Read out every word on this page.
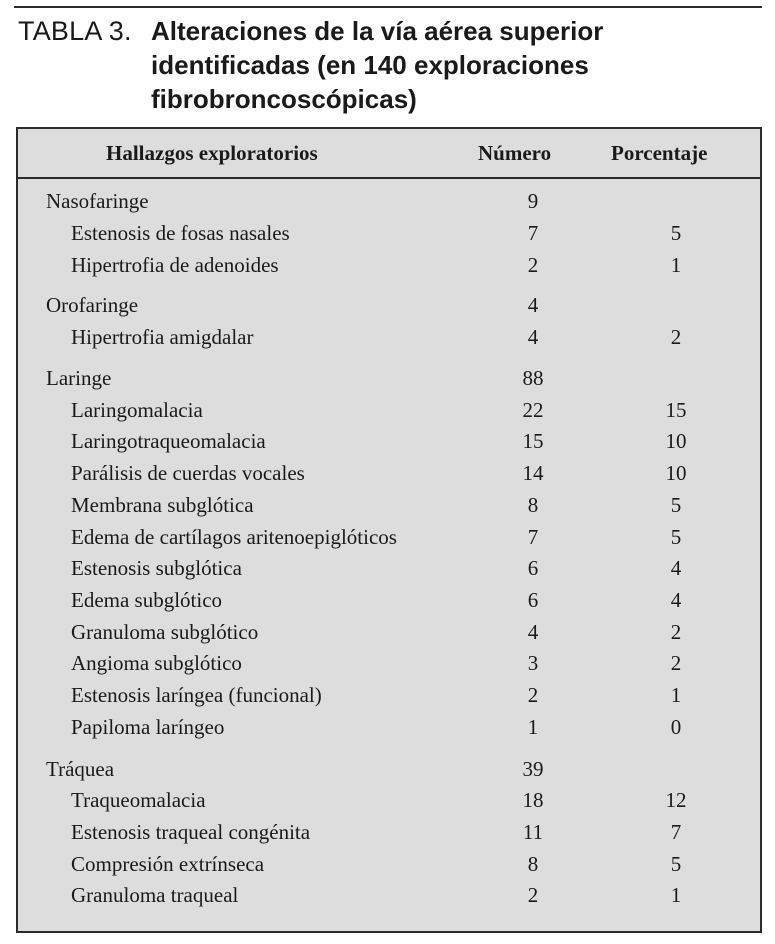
TABLA 3. Alteraciones de la vía aérea superior identificadas (en 140 exploraciones fibrobroncoscópicas)
Hallazgos exploratorios	Número	Porcentaje
Nasofaringe	9
Estenosis de fosas nasales	7	5
Hipertrofia de adenoides	2	1
Orofaringe	4
Hipertrofia amigdalar	4	2
Laringe	88
Laringomalacia	22	15
Laringotraqueomalacia	15	10
Parálisis de cuerdas vocales	14	10
Membrana subglótica	8	5
Edema de cartílagos aritenoepiglóticos	7	5
Estenosis subglótica	6	4
Edema subglótico	6	4
Granuloma subglótico	4	2
Angioma subglótico	3	2
Estenosis laríngea (funcional)	2	1
Papiloma laríngeo	1	0
Tráquea	39
Traqueomalacia	18	12
Estenosis traqueal congénita	11	7
Compresión extrínseca	8	5
Granuloma traqueal	2	1
